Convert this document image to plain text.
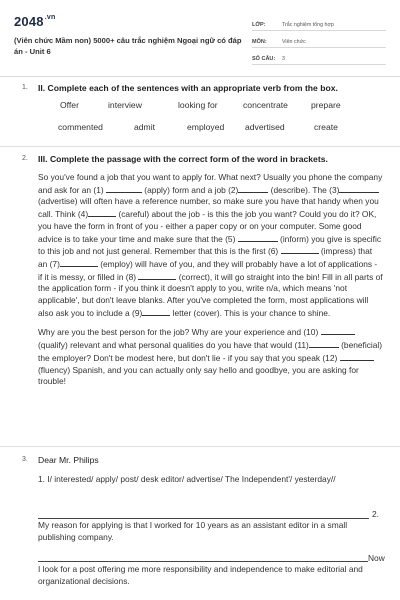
$2048^{.vn}$
(Viên chức Mầm non) 5000+ câu trắc nghiệm Ngoại ngữ có đáp án - Unit 6
LỚP:	Trắc nghiệm tổng hợp
MÔN:	Viên chức
SỐ CÂU:	3
1. II. Complete each of the sentences with an appropriate verb from the box.
Offer	interview	looking for	concentrate	prepare
commented	admit	employed advertised	create
2. III. Complete the passage with the correct form of the word in brackets.

So you've found a job that you want to apply for. What next? Usually you phone the company and ask for an (1)	(apply) form and a job (2)	(describe). The (3) (advertise) will often have a reference number, so make sure you have that handy when you call. Think (4)	(careful) about the job - is this the job you want? Could you do it? OK, you have the form in front of you - either a paper copy or on your computer. Some good advice is to take your time and make sure that the (5)	(inform) you give is specific to this job and not just general. Remember that this is the first (6)	(impress) that an (7)	(employ) will have of you, and they will probably have a lot of applications - if it is messy, or filled in (8)	(correct), it will go straight into the bin! Fill in all parts of the application form - if you think it doesn't apply to you, write n/a, which means 'not applicable', but don't leave blanks. After you've completed the form, most applications will also ask you to include a (9)	letter (cover). This is your chance to shine.

Why are you the best person for the job? Why are your experience and (10)  (qualify) relevant and what personal qualities do you have that would (11)	(beneficial) the employer? Don't be modest here, but don't lie - if you say that you speak (12)  (fluency) Spanish, and you can actually only say hello and goodbye, you are asking for trouble!

3. Dear Mr. Philips
1. I/ interested/ apply/ post/ desk editor/ advertise/ The Independent'/ yesterday//
2.
My reason for applying is that I worked for 10 years as an assistant editor in a small publishing company.
Now
I look for a post offering me more responsibility and independence to make editorial and organizational decisions.
